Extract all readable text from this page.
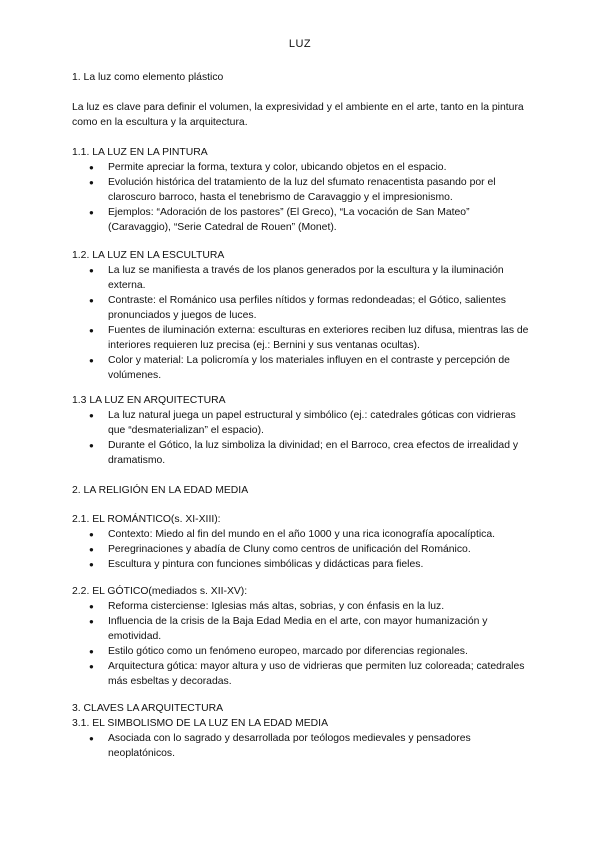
LUZ

1. La luz como elemento plástico

La luz es clave para definir el volumen, la expresividad y el ambiente en el arte, tanto en la pintura como en la escultura y la arquitectura.

1.1. LA LUZ EN LA PINTURA

● Permite apreciar la forma, textura y color, ubicando objetos en el espacio.
● Evolución histórica del tratamiento de la luz del sfumato renacentista pasando por el claroscuro barroco, hasta el tenebrismo de Caravaggio y el impresionismo.
● Ejemplos: “Adoración de los pastores” (El Greco), “La vocación de San Mateo” (Caravaggio), “Serie Catedral de Rouen” (Monet).

1.2. LA LUZ EN LA ESCULTURA

● La luz se manifiesta a través de los planos generados por la escultura y la iluminación externa.
● Contraste: el Románico usa perfiles nítidos y formas redondeadas; el Gótico, salientes pronunciados y juegos de luces.
● Fuentes de iluminación externa: esculturas en exteriores reciben luz difusa, mientras las de interiores requieren luz precisa (ej.: Bernini y sus ventanas ocultas).
● Color y material: La policromía y los materiales influyen en el contraste y percepción de volúmenes.

1.3 LA LUZ EN ARQUITECTURA

● La luz natural juega un papel estructural y simbólico (ej.: catedrales góticas con vidrieras que “desmaterializan” el espacio).
● Durante el Gótico, la luz simboliza la divinidad; en el Barroco, crea efectos de irrealidad y dramatismo.

2. LA RELIGIÓN EN LA EDAD MEDIA

2.1. EL ROMÁNTICO(s. XI-XIII):

● Contexto: Miedo al fin del mundo en el año 1000 y una rica iconografía apocalíptica.
● Peregrinaciones y abadía de Cluny como centros de unificación del Románico.
● Escultura y pintura con funciones simbólicas y didácticas para fieles.

2.2. EL GÓTICO(mediados s. XII-XV):

● Reforma cisterciense: Iglesias más altas, sobrias, y con énfasis en la luz.
● Influencia de la crisis de la Baja Edad Media en el arte, con mayor humanización y emotividad.
● Estilo gótico como un fenómeno europeo, marcado por diferencias regionales.
● Arquitectura gótica: mayor altura y uso de vidrieras que permiten luz coloreada; catedrales más esbeltas y decoradas.

3. CLAVES LA ARQUITECTURA

3.1. EL SIMBOLISMO DE LA LUZ EN LA EDAD MEDIA

● Asociada con lo sagrado y desarrollada por teólogos medievales y pensadores neoplatónicos.
